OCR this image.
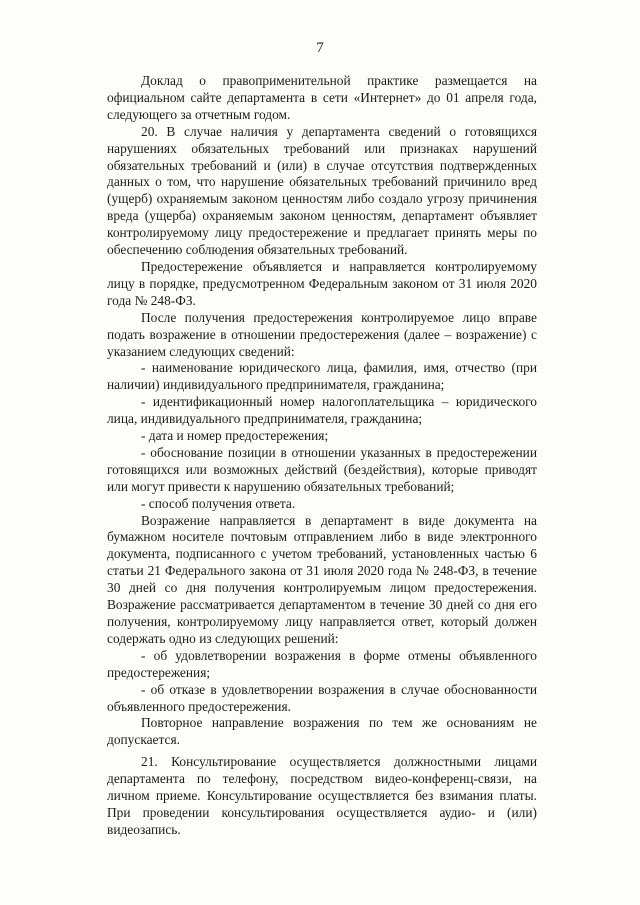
7

Доклад о правоприменительной практике размещается на официальном сайте департамента в сети «Интернет» до 01 апреля года, следующего за отчетным годом.

20. В случае наличия у департамента сведений о готовящихся нарушениях обязательных требований или признаках нарушений обязательных требований и (или) в случае отсутствия подтвержденных данных о том, что нарушение обязательных требований причинило вред (ущерб) охраняемым законом ценностям либо создало угрозу причинения вреда (ущерба) охраняемым законом ценностям, департамент объявляет контролируемому лицу предостережение и предлагает принять меры по обеспечению соблюдения обязательных требований.

Предостережение объявляется и направляется контролируемому лицу в порядке, предусмотренном Федеральным законом от 31 июля 2020 года № 248-ФЗ.

После получения предостережения контролируемое лицо вправе подать возражение в отношении предостережения (далее – возражение) с указанием следующих сведений:

- наименование юридического лица, фамилия, имя, отчество (при наличии) индивидуального предпринимателя, гражданина;

- идентификационный номер налогоплательщика – юридического лица, индивидуального предпринимателя, гражданина;

- дата и номер предостережения;

- обоснование позиции в отношении указанных в предостережении готовящихся или возможных действий (бездействия), которые приводят или могут привести к нарушению обязательных требований;

- способ получения ответа.

Возражение направляется в департамент в виде документа на бумажном носителе почтовым отправлением либо в виде электронного документа, подписанного с учетом требований, установленных частью 6 статьи 21 Федерального закона от 31 июля 2020 года № 248-ФЗ, в течение 30 дней со дня получения контролируемым лицом предостережения. Возражение рассматривается департаментом в течение 30 дней со дня его получения, контролируемому лицу направляется ответ, который должен содержать одно из следующих решений:

- об удовлетворении возражения в форме отмены объявленного предостережения;

- об отказе в удовлетворении возражения в случае обоснованности объявленного предостережения.

Повторное направление возражения по тем же основаниям не допускается.

21. Консультирование осуществляется должностными лицами департамента по телефону, посредством видео-конференц-связи, на личном приеме. Консультирование осуществляется без взимания платы. При проведении консультирования осуществляется аудио- и (или) видеозапись.
